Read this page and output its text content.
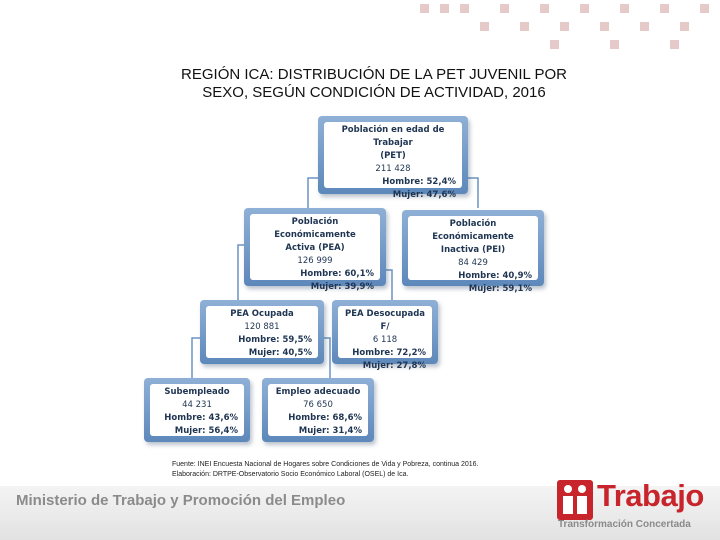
REGIÓN ICA: DISTRIBUCIÓN DE LA PET JUVENIL POR
SEXO, SEGÚN CONDICIÓN DE ACTIVIDAD, 2016
Población en edad de Trabajar
(PET)
211 428
Hombre: 52,4%
Mujer: 47,6%
Población Económicamente
Activa (PEA)
126 999
Hombre: 60,1%
Mujer: 39,9%
Población Económicamente
Inactiva (PEI)
84 429
Hombre: 40,9%
Mujer: 59,1%
PEA Ocupada
120 881
Hombre: 59,5%
Mujer: 40,5%
PEA Desocupada F/
6 118
Hombre: 72,2%
Mujer: 27,8%
Subempleado
44 231
Hombre: 43,6%
Mujer: 56,4%
Empleo adecuado
76 650
Hombre: 68,6%
Mujer: 31,4%
Fuente: INEI Encuesta Nacional de Hogares sobre Condiciones de Vida y Pobreza, continua 2016.
Elaboración: DRTPE-Observatorio Socio Económico Laboral (OSEL) de Ica.
Ministerio de Trabajo y Promoción del Empleo	Trabajo
Transformación Concertada
